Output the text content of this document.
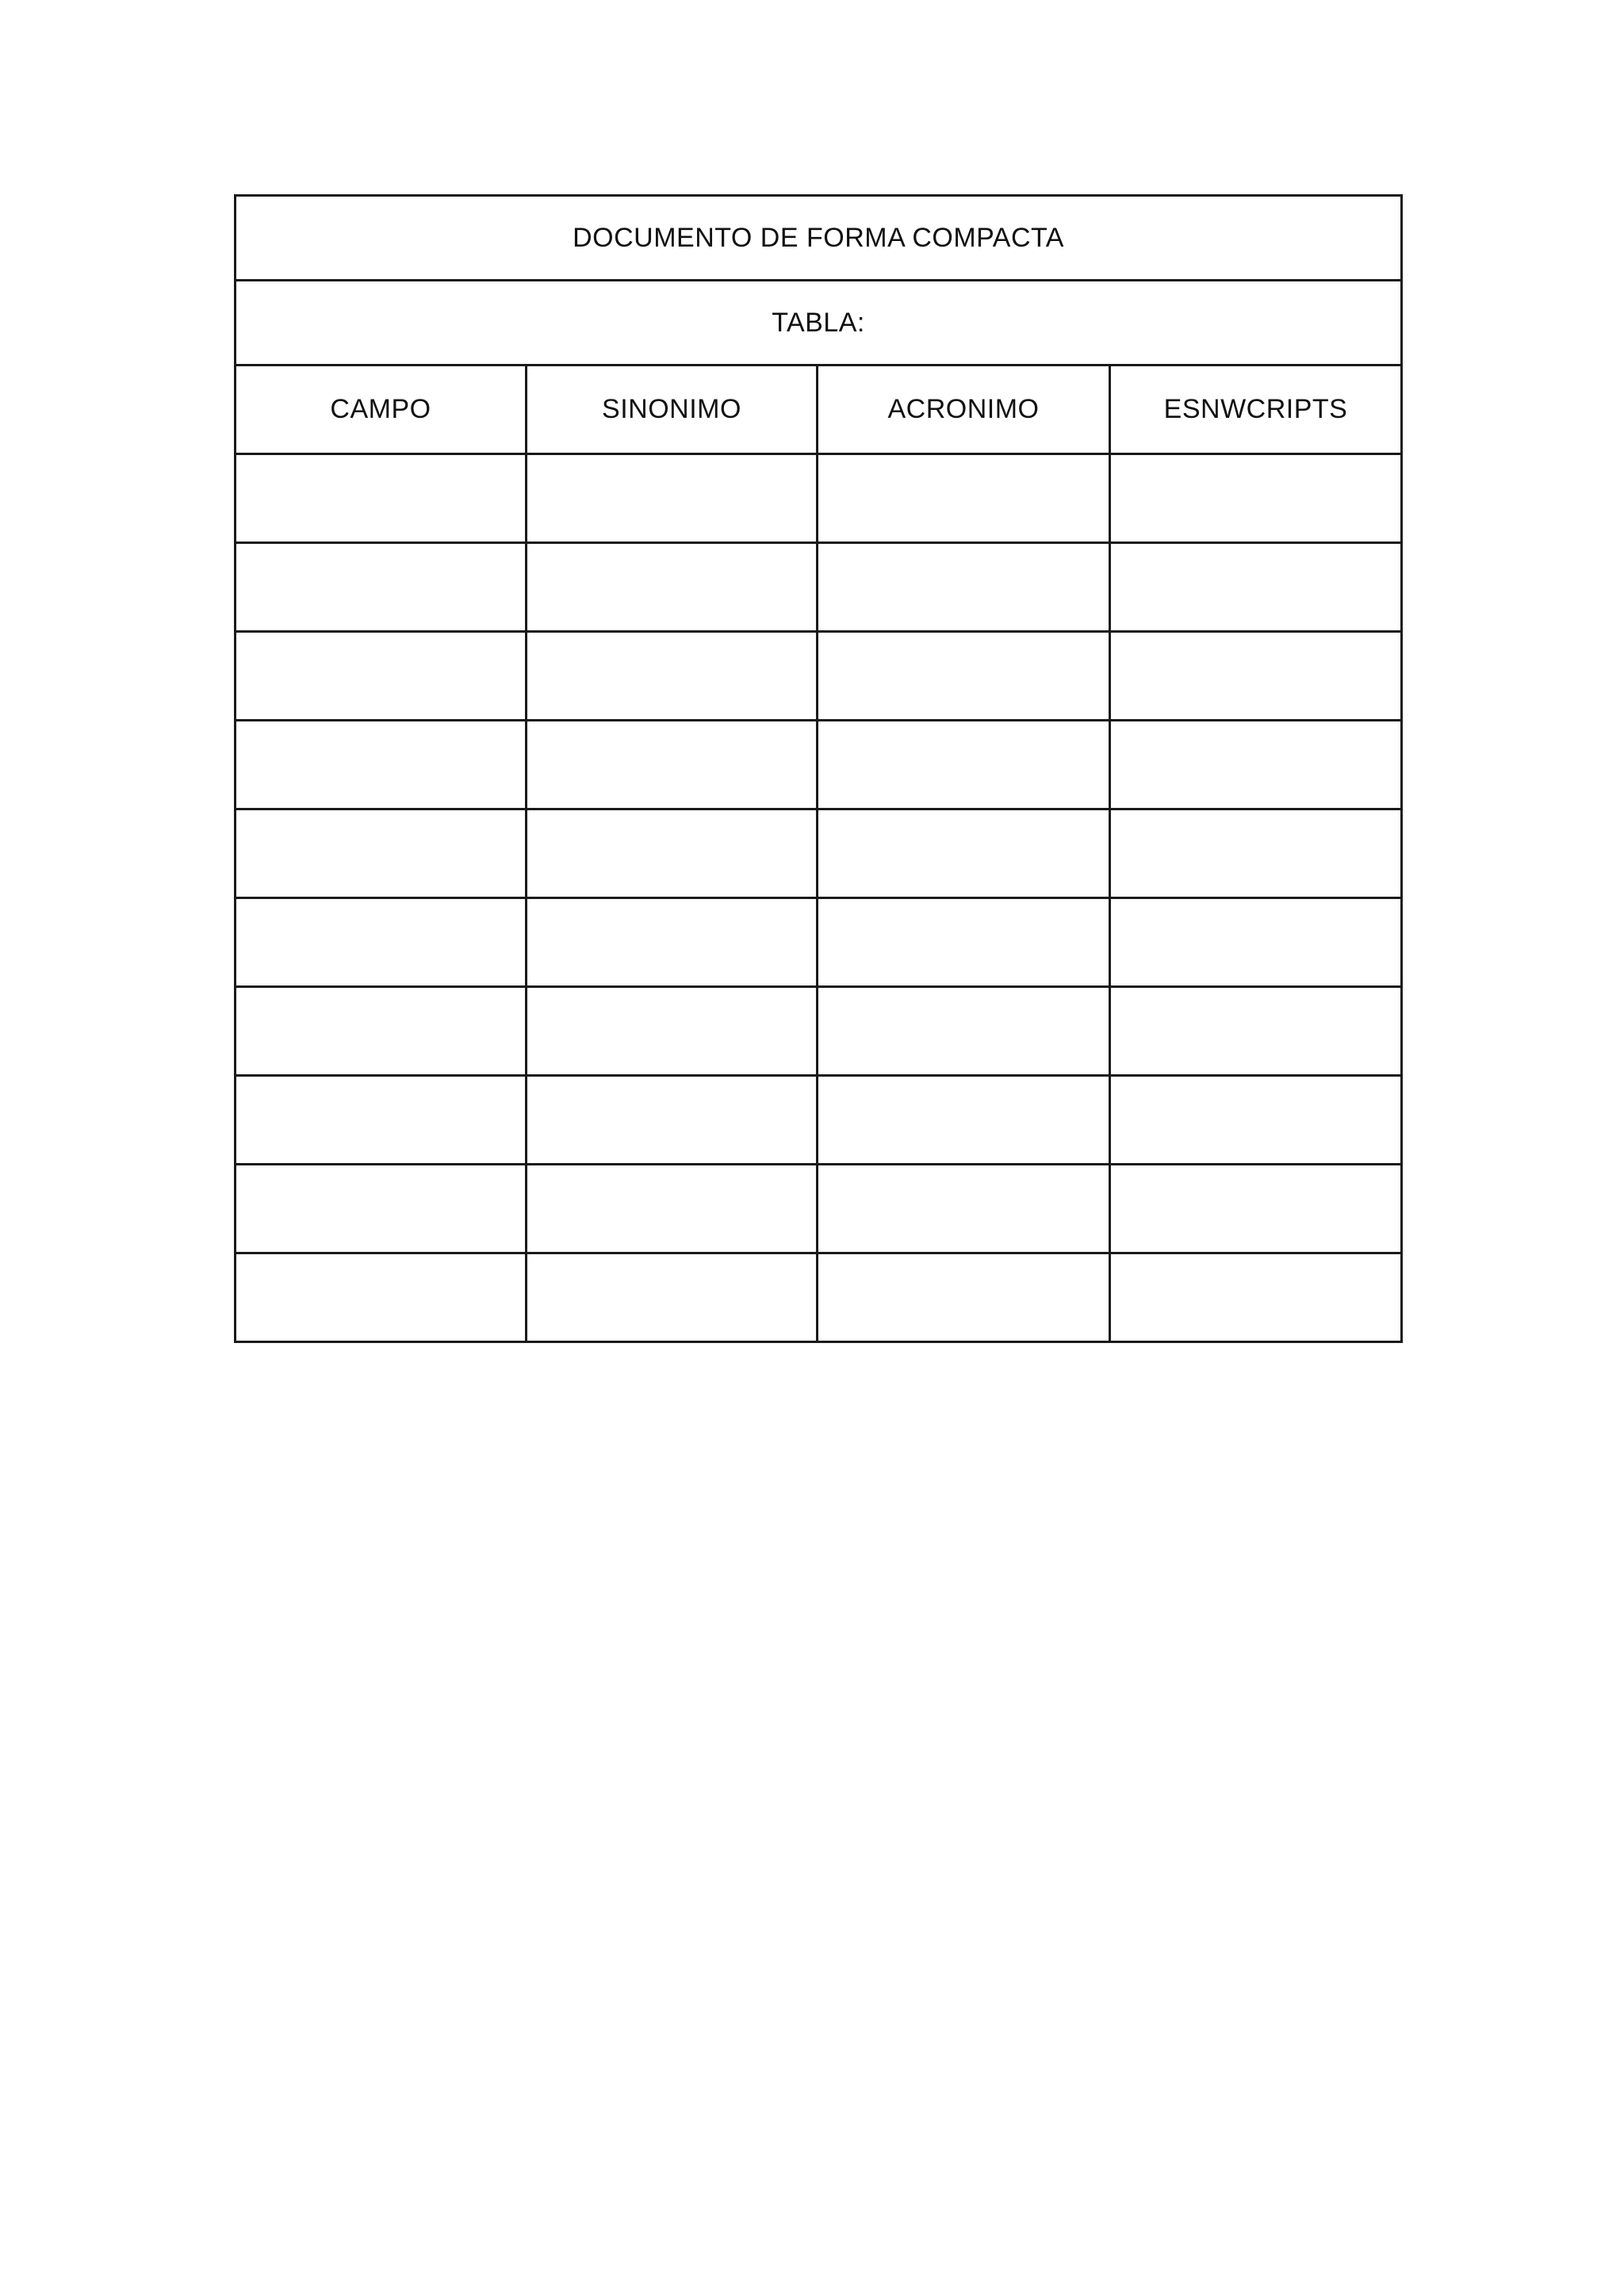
DOCUMENTO DE FORMA COMPACTA			
TABLA:			
CAMPO	SINONIMO	ACRONIMO	ESNWCRIPTS
